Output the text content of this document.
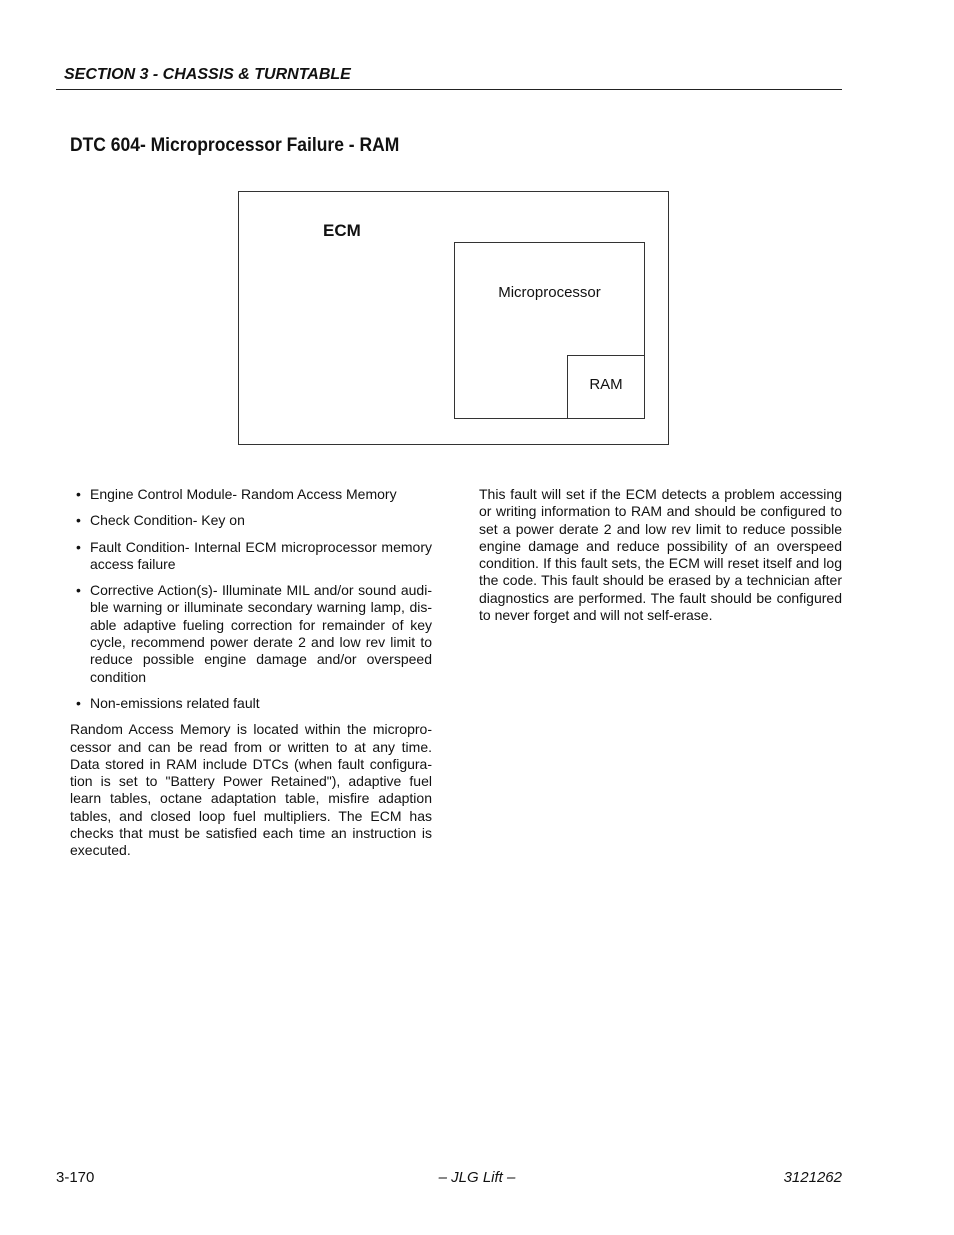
SECTION 3 - CHASSIS & TURNTABLE
DTC 604- Microprocessor Failure - RAM
ECM
Microprocessor
RAM
• Engine Control Module- Random Access Memory
• Check Condition- Key on
• Fault Condition- Internal ECM microprocessor memory access failure
• Corrective Action(s)- Illuminate MIL and/or sound audi-ble warning or illuminate secondary warning lamp, dis-able adaptive fueling correction for remainder of key cycle, recommend power derate 2 and low rev limit to reduce possible engine damage and/or overspeed condition
• Non-emissions related fault

Random Access Memory is located within the micropro-cessor and can be read from or written to at any time. Data stored in RAM include DTCs (when fault configura-tion is set to "Battery Power Retained"), adaptive fuel learn tables, octane adaptation table, misfire adaption tables, and closed loop fuel multipliers. The ECM has checks that must be satisfied each time an instruction is executed.

This fault will set if the ECM detects a problem accessing or writing information to RAM and should be configured to set a power derate 2 and low rev limit to reduce possible engine damage and reduce possibility of an overspeed condition. If this fault sets, the ECM will reset itself and log the code. This fault should be erased by a technician after diagnostics are performed. The fault should be configured to never forget and will not self-erase.

3-170	– JLG Lift –	3121262
